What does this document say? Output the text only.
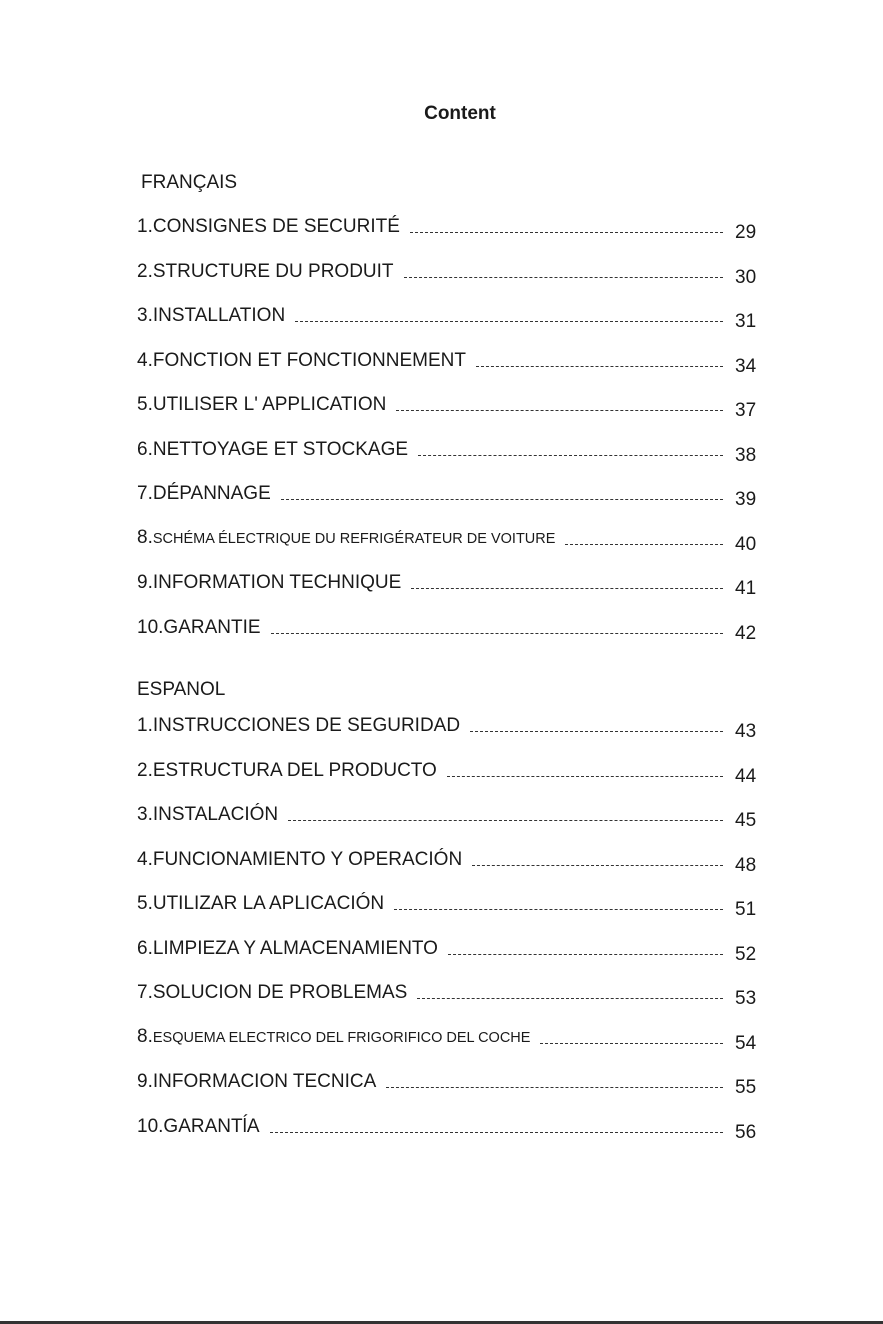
Content
FRANÇAIS
1.CONSIGNES DE SECURITÉ	29
2.STRUCTURE DU PRODUIT	30
3.INSTALLATION	31
4.FONCTION ET FONCTIONNEMENT	34
5.UTILISER L' APPLICATION	37
6.NETTOYAGE ET STOCKAGE	38
7.DÉPANNAGE	39
8.SCHÉMA ÉLECTRIQUE DU REFRIGÉRATEUR DE VOITURE	40
9.INFORMATION TECHNIQUE	41
10.GARANTIE	42
ESPANOL
1.INSTRUCCIONES DE SEGURIDAD	43
2.ESTRUCTURA DEL PRODUCTO	44
3.INSTALACIÓN	45
4.FUNCIONAMIENTO Y OPERACIÓN	48
5.UTILIZAR LA APLICACIÓN	51
6.LIMPIEZA Y ALMACENAMIENTO	52
7.SOLUCION DE PROBLEMAS	53
8.ESQUEMA ELECTRICO DEL FRIGORIFICO DEL COCHE	54
9.INFORMACION TECNICA	55
10.GARANTĺA	56
